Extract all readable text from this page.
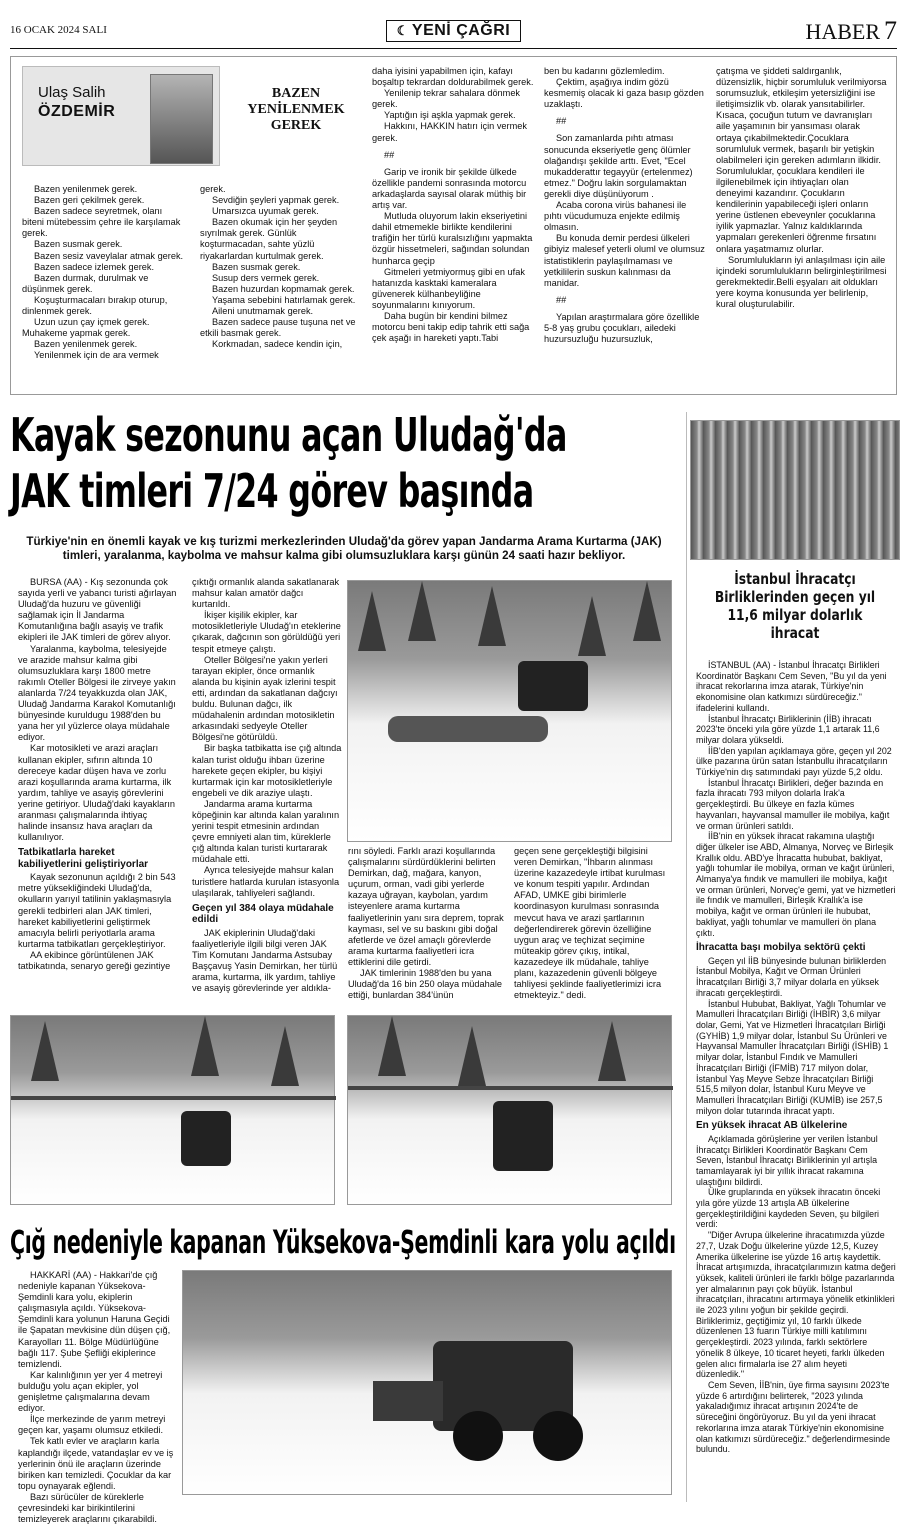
16 OCAK 2024 SALI	☾ YENİ ÇAĞRI	HABER 7
Ulaş Salih
ÖZDEMİR
BAZEN YENİLENMEK GEREK

Bazen yenilenmek gerek.

Bazen geri çekilmek gerek.

Bazen sadece seyretmek, olanı biteni mütebessim çehre ile karşılamak gerek.

Bazen susmak gerek.

Bazen sesiz vaveylalar atmak gerek.

Bazen sadece izlemek gerek.

Bazen durmak, durulmak ve düşünmek gerek.

Koşuşturmacaları bırakıp oturup, dinlenmek gerek.

Uzun uzun çay içmek gerek. Muhakeme yapmak gerek.

Bazen yenilenmek gerek.

Yenilenmek için de ara vermek

gerek.

Sevdiğin şeyleri yapmak gerek.

Umarsızca uyumak gerek.

Bazen okumak için her şeyden sıyrılmak gerek. Günlük koşturmacadan, sahte yüzlü riyakarlardan kurtulmak gerek.

Bazen susmak gerek.

Susup ders vermek gerek.

Bazen huzurdan kopmamak gerek.

Yaşama sebebini hatırlamak gerek.

Aileni unutmamak gerek.

Bazen sadece pause tuşuna net ve etkili basmak gerek.

Korkmadan, sadece kendin için,

daha iyisini yapabilmen için, kafayı boşaltıp tekrardan doldurabilmek gerek.

Yenilenip tekrar sahalara dönmek gerek.

Yaptığın işi aşkla yapmak gerek.

Hakkını, HAKKIN hatırı için vermek gerek.

##

Garip ve ironik bir şekilde ülkede özellikle pandemi sonrasında motorcu arkadaşlarda sayısal olarak müthiş bir artış var.

Mutluda oluyorum lakin ekseriyetini dahil etmemekle birlikte kendilerini trafiğin her türlü kuralsızlığını yapmakta özgür hissetmeleri, sağından solundan hunharca geçip

Gitmeleri yetmiyormuş gibi en ufak hatanızda kasktaki kameralara güvenerek külhanbeyliğine soyunmalarını kınıyorum.

Daha bugün bir kendini bilmez motorcu beni takip edip tahrik etti sağa çek aşağı in hareketi yaptı.Tabi

ben bu kadarını gözlemledim.

Çektim, aşağıya indim gözü kesmemiş olacak ki gaza basıp gözden uzaklaştı.

##

Son zamanlarda pıhtı atması sonucunda ekseriyetle genç ölümler olağandışı şekilde arttı. Evet, "Ecel mukadderattır tegayyür (ertelenmez) etmez." Doğru lakin sorgulamaktan gerekli diye düşünüyorum .

Acaba corona virüs bahanesi ile pıhtı vücudumuza enjekte edilmiş olmasın.

Bu konuda demir perdesi ülkeleri gibiyiz malesef yeterli oluml ve olumsuz istatistiklerin paylaşılmaması ve yetkililerin suskun kalınması da manidar.

##

Yapılan araştırmalara göre özellikle 5-8 yaş grubu çocukları, ailedeki huzursuzluğu huzursuzluk,

çatışma ve şiddeti saldırganlık, düzensizlik, hiçbir sorumluluk verilmiyorsa sorumsuzluk, etkileşim yetersizliğini ise iletişimsizlik vb. olarak yansıtabilirler. Kısaca, çocuğun tutum ve davranışları aile yaşamının bir yansıması olarak ortaya çıkabilmektedir.Çocuklara sorumluluk vermek, başarılı bir yetişkin olabilmeleri için gereken adımların ilkidir. Sorumluluklar, çocuklara kendileri ile ilgilenebilmek için ihtiyaçları olan deneyimi kazandırır. Çocukların kendilerinin yapabileceği işleri onların yerine üstlenen ebeveynler çocuklarına iyilik yapmazlar. Yalnız kaldıklarında yapmaları gerekenleri öğrenme fırsatını onlara yaşatmamız olurlar.

Sorumlulukların iyi anlaşılması için aile içindeki sorumlulukların belirginleştirilmesi gerekmektedir.Belli eşyaları ait oldukları yere koyma konusunda yer belirlenip, kural oluşturulabilir.

Kayak sezonunu açan Uludağ'da
JAK timleri 7/24 görev başında
Türkiye'nin en önemli kayak ve kış turizmi merkezlerinden Uludağ'da görev yapan Jandarma Arama Kurtarma (JAK) timleri, yaralanma, kaybolma ve mahsur kalma gibi olumsuzluklara karşı günün 24 saati hazır bekliyor.

BURSA (AA) - Kış sezonunda çok sayıda yerli ve yabancı turisti ağırlayan Uludağ'da huzuru ve güvenliği sağlamak için İl Jandarma Komutanlığına bağlı asayiş ve trafik ekipleri ile JAK timleri de görev alıyor.

Yaralanma, kaybolma, telesiyejde ve arazide mahsur kalma gibi olumsuzluklara karşı 1800 metre rakımlı Oteller Bölgesi ile zirveye yakın alanlarda 7/24 teyakkuzda olan JAK, Uludağ Jandarma Karakol Komutanlığı bünyesinde kuruldugu 1988'den bu yana her yıl yüzlerce olaya müdahale ediyor.

Kar motosikleti ve arazi araçları kullanan ekipler, sıfırın altında 10 dereceye kadar düşen hava ve zorlu arazi koşullarında arama kurtarma, ilk yardım, tahliye ve asayiş görevlerini yerine getiriyor. Uludağ'daki kayakların aranması çalışmalarında ihtiyaç halinde insansız hava araçları da kullanılıyor.

Tatbikatlarla hareket kabiliyetlerini geliştiriyorlar

Kayak sezonunun açıldığı 2 bin 543 metre yüksekliğindeki Uludağ'da, okulların yarıyıl tatilinin yaklaşmasıyla gerekli tedbirleri alan JAK timleri, hareket kabiliyetlerini geliştirmek amacıyla belirli periyotlarla arama kurtarma tatbikatları gerçekleştiriyor.

AA ekibince görüntülenen JAK tatbikatında, senaryo gereği gezintiye

çıktığı ormanlık alanda sakatlanarak mahsur kalan amatör dağcı kurtarıldı.

İkişer kişilik ekipler, kar motosikletleriyle Uludağ'ın eteklerine çıkarak, dağcının son görüldüğü yeri tespit etmeye çalıştı.

Oteller Bölgesi'ne yakın yerleri tarayan ekipler, önce ormanlık alanda bu kişinin ayak izlerini tespit etti, ardından da sakatlanan dağcıyı buldu. Bulunan dağcı, ilk müdahalenin ardından motosikletin arkasındaki sedyeyle Oteller Bölgesi'ne götürüldü.

Bir başka tatbikatta ise çığ altında kalan turist olduğu ihbarı üzerine harekete geçen ekipler, bu kişiyi kurtarmak için kar motosikletleriyle engebeli ve dik araziye ulaştı.

Jandarma arama kurtarma köpeğinin kar altında kalan yaralının yerini tespit etmesinin ardından çevre emniyeti alan tim, küreklerle çığ altında kalan turisti kurtararak müdahale etti.

Ayrıca telesiyejde mahsur kalan turistlere hatlarda kurulan istasyonla ulaşılarak, tahliyeleri sağlandı.

Geçen yıl 384 olaya müdahale edildi

JAK ekiplerinin Uludağ'daki faaliyetleriyle ilgili bilgi veren JAK Tim Komutanı Jandarma Astsubay Başçavuş Yasin Demirkan, her türlü arama, kurtarma, ilk yardım, tahliye ve asayiş görevlerinde yer aldıkla-

rını söyledi. Farklı arazi koşullarında çalışmalarını sürdürdüklerini belirten Demirkan, dağ, mağara, kanyon, uçurum, orman, vadi gibi yerlerde kazaya uğrayan, kaybolan, yardım isteyenlere arama kurtarma faaliyetlerinin yanı sıra deprem, toprak kayması, sel ve su baskını gibi doğal afetlerde ve özel amaçlı görevlerde arama kurtarma faaliyetleri icra ettiklerini dile getirdi.

JAK timlerinin 1988'den bu yana Uludağ'da 16 bin 250 olaya müdahale ettiği, bunlardan 384'ünün

geçen sene gerçekleştiği bilgisini veren Demirkan, "İhbarın alınması üzerine kazazedeyle irtibat kurulması ve konum tespiti yapılır. Ardından AFAD, UMKE gibi birimlerle koordinasyon kurulması sonrasında mevcut hava ve arazi şartlarının değerlendirerek görevin özelliğine uygun araç ve teçhizat seçimine müteakip görev çıkış, intikal, kazazedeye ilk müdahale, tahliye planı, kazazedenin güvenli bölgeye tahliyesi şeklinde faaliyetlerimizi icra etmekteyiz." dedi.

Çığ nedeniyle kapanan Yüksekova-Şemdinli kara yolu açıldı

HAKKARİ (AA) - Hakkari'de çığ nedeniyle kapanan Yüksekova-Şemdinli kara yolu, ekiplerin çalışmasıyla açıldı. Yüksekova-Şemdinli kara yolunun Haruna Geçidi ile Şapatan mevkisine dün düşen çığ, Karayolları 11. Bölge Müdürlüğüne bağlı 117. Şube Şefliği ekiplerince temizlendi.

Kar kalınlığının yer yer 4 metreyi bulduğu yolu açan ekipler, yol genişletme çalışmalarına devam ediyor.

İlçe merkezinde de yarım metreyi geçen kar, yaşamı olumsuz etkiledi.

Tek katlı evler ve araçların karla kaplandığı ilçede, vatandaşlar ev ve iş yerlerinin önü ile araçların üzerinde biriken karı temizledi. Çocuklar da kar topu oynayarak eğlendi.

Bazı sürücüler de küreklerle çevresindeki kar birikintilerini temizleyerek araçlarını çıkarabildi.

İstanbul İhracatçı Birliklerinden geçen yıl 11,6 milyar dolarlık ihracat

İSTANBUL (AA) - İstanbul İhracatçı Birlikleri Koordinatör Başkanı Cem Seven, "Bu yıl da yeni ihracat rekorlarına imza atarak, Türkiye'nin ekonomisine olan katkımızı sürdüreceğiz." ifadelerini kullandı.

İstanbul İhracatçı Birliklerinin (İİB) ihracatı 2023'te önceki yıla göre yüzde 1,1 artarak 11,6 milyar dolara yükseldi.

İİB'den yapılan açıklamaya göre, geçen yıl 202 ülke pazarına ürün satan İstanbullu ihracatçıların Türkiye'nin dış satımındaki payı yüzde 5,2 oldu.

İstanbul İhracatçı Birlikleri, değer bazında en fazla ihracatı 793 milyon dolarla Irak'a gerçekleştirdi. Bu ülkeye en fazla kümes hayvanları, hayvansal mamuller ile mobilya, kağıt ve orman ürünleri satıldı.

İİB'nin en yüksek ihracat rakamına ulaştığı diğer ülkeler ise ABD, Almanya, Norveç ve Birleşik Krallık oldu. ABD'ye İhracatta hububat, bakliyat, yağlı tohumlar ile mobilya, orman ve kağıt ürünleri, Almanya'ya fındık ve mamulleri ile mobilya, kağıt ve orman ürünleri, Norveç'e gemi, yat ve hizmetleri ile fındık ve mamulleri, Birleşik Krallık'a ise mobilya, kağıt ve orman ürünleri ile hububat, bakliyat, yağlı tohumlar ve mamulleri ön plana çıktı.

İhracatta başı mobilya sektörü çekti

Geçen yıl İİB bünyesinde bulunan birliklerden İstanbul Mobilya, Kağıt ve Orman Ürünleri İhracatçıları Birliği 3,7 milyar dolarla en yüksek ihracatı gerçekleştirdi.

İstanbul Hububat, Bakliyat, Yağlı Tohumlar ve Mamulleri İhracatçıları Birliği (İHBİR) 3,6 milyar dolar, Gemi, Yat ve Hizmetleri İhracatçıları Birliği (GYHİB) 1,9 milyar dolar, İstanbul Su Ürünleri ve Hayvansal Mamuller İhracatçıları Birliği (İSHİB) 1 milyar dolar, İstanbul Fındık ve Mamulleri İhracatçıları Birliği (İFMİB) 717 milyon dolar, İstanbul Yaş Meyve Sebze İhracatçıları Birliği 515,5 milyon dolar, İstanbul Kuru Meyve ve Mamulleri İhracatçıları Birliği (KUMİB) ise 257,5 milyon dolar tutarında ihracat yaptı.

En yüksek ihracat AB ülkelerine

Açıklamada görüşlerine yer verilen İstanbul İhracatçı Birlikleri Koordinatör Başkanı Cem Seven, İstanbul İhracatçı Birliklerinin yıl artışla tamamlayarak iyi bir yıllık ihracat rakamına ulaştığını bildirdi.

Ülke gruplarında en yüksek ihracatın önceki yıla göre yüzde 13 artışla AB ülkelerine gerçekleştirildiğini kaydeden Seven, şu bilgileri verdi:

"Diğer Avrupa ülkelerine ihracatımızda yüzde 27,7, Uzak Doğu ülkelerine yüzde 12,5, Kuzey Amerika ülkelerine ise yüzde 16 artış kaydettik. İhracat artışımızda, ihracatçılarımızın katma değeri yüksek, kaliteli ürünleri ile farklı bölge pazarlarında yer almalarının payı çok büyük. İstanbul ihracatçıları, ihracatını artırmaya yönelik etkinlikleri ile 2023 yılını yoğun bir şekilde geçirdi. Birliklerimiz, geçtiğimiz yıl, 10 farklı ülkede düzenlenen 13 fuarın Türkiye milli katılımını gerçekleştirdi. 2023 yılında, farklı sektörlere yönelik 8 ülkeye, 10 ticaret heyeti, farklı ülkeden gelen alıcı firmalarla ise 27 alım heyeti düzenledik."

Cem Seven, İİB'nin, üye firma sayısını 2023'te yüzde 6 artırdığını belirterek, "2023 yılında yakaladığımız ihracat artışının 2024'te de süreceğini öngörüyoruz. Bu yıl da yeni ihracat rekorlarına imza atarak Türkiye'nin ekonomisine olan katkımızı sürdüreceğiz." değerlendirmesinde bulundu.
